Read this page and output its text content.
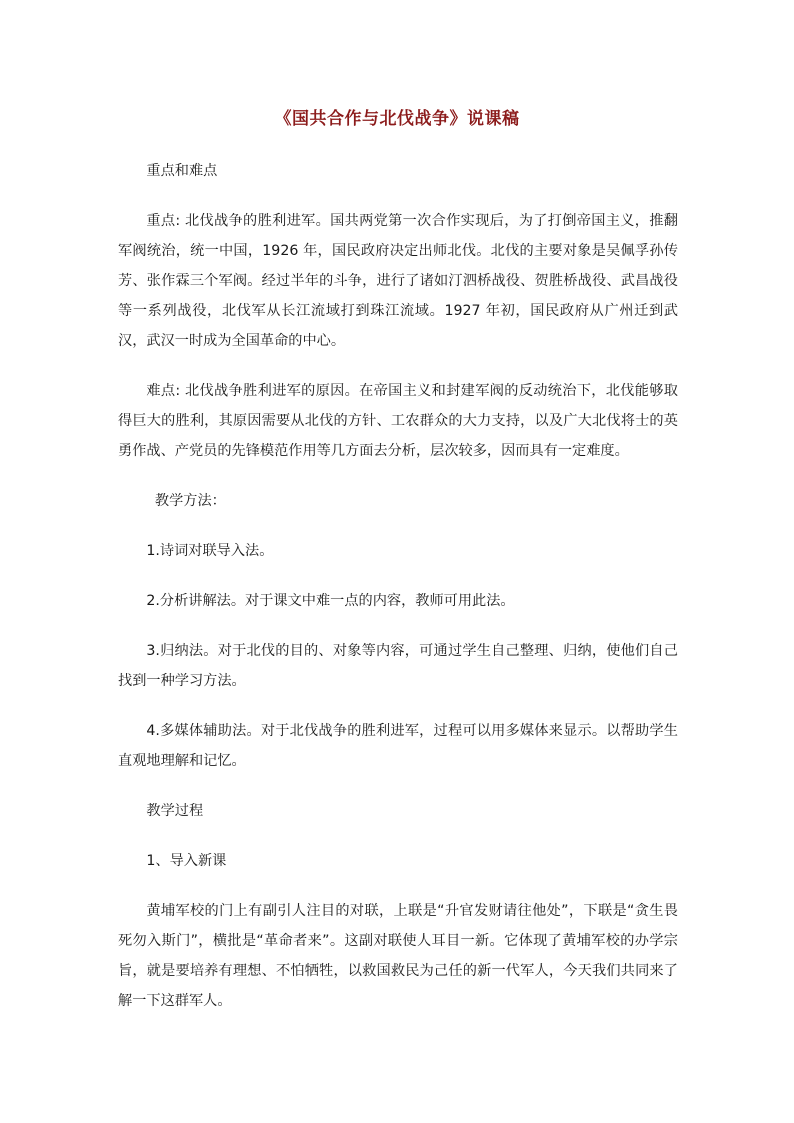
《国共合作与北伐战争》说课稿

重点和难点

重点: 北伐战争的胜利进军。国共两党第一次合作实现后，为了打倒帝国主义，推翻军阀统治，统一中国，1926 年，国民政府决定出师北伐。北伐的主要对象是吴佩孚孙传芳、张作霖三个军阀。经过半年的斗争，进行了诸如汀泗桥战役、贺胜桥战役、武昌战役等一系列战役，北伐军从长江流域打到珠江流域。1927 年初，国民政府从广州迁到武汉，武汉一时成为全国革命的中心。

难点: 北伐战争胜利进军的原因。在帝国主义和封建军阀的反动统治下，北伐能够取得巨大的胜利，其原因需要从北伐的方针、工农群众的大力支持，以及广大北伐将士的英勇作战、产党员的先锋模范作用等几方面去分析，层次较多，因而具有一定难度。

教学方法：

1.诗词对联导入法。

2.分析讲解法。对于课文中难一点的内容，教师可用此法。

3.归纳法。对于北伐的目的、对象等内容，可通过学生自己整理、归纳，使他们自己找到一种学习方法。

4.多媒体辅助法。对于北伐战争的胜利进军，过程可以用多媒体来显示。以帮助学生直观地理解和记忆。

教学过程

1、导入新课

黄埔军校的门上有副引人注目的对联，上联是“升官发财请往他处”，下联是“贪生畏死勿入斯门”，横批是“革命者来”。这副对联使人耳目一新。它体现了黄埔军校的办学宗旨，就是要培养有理想、不怕牺牲，以救国救民为己任的新一代军人，今天我们共同来了解一下这群军人。
